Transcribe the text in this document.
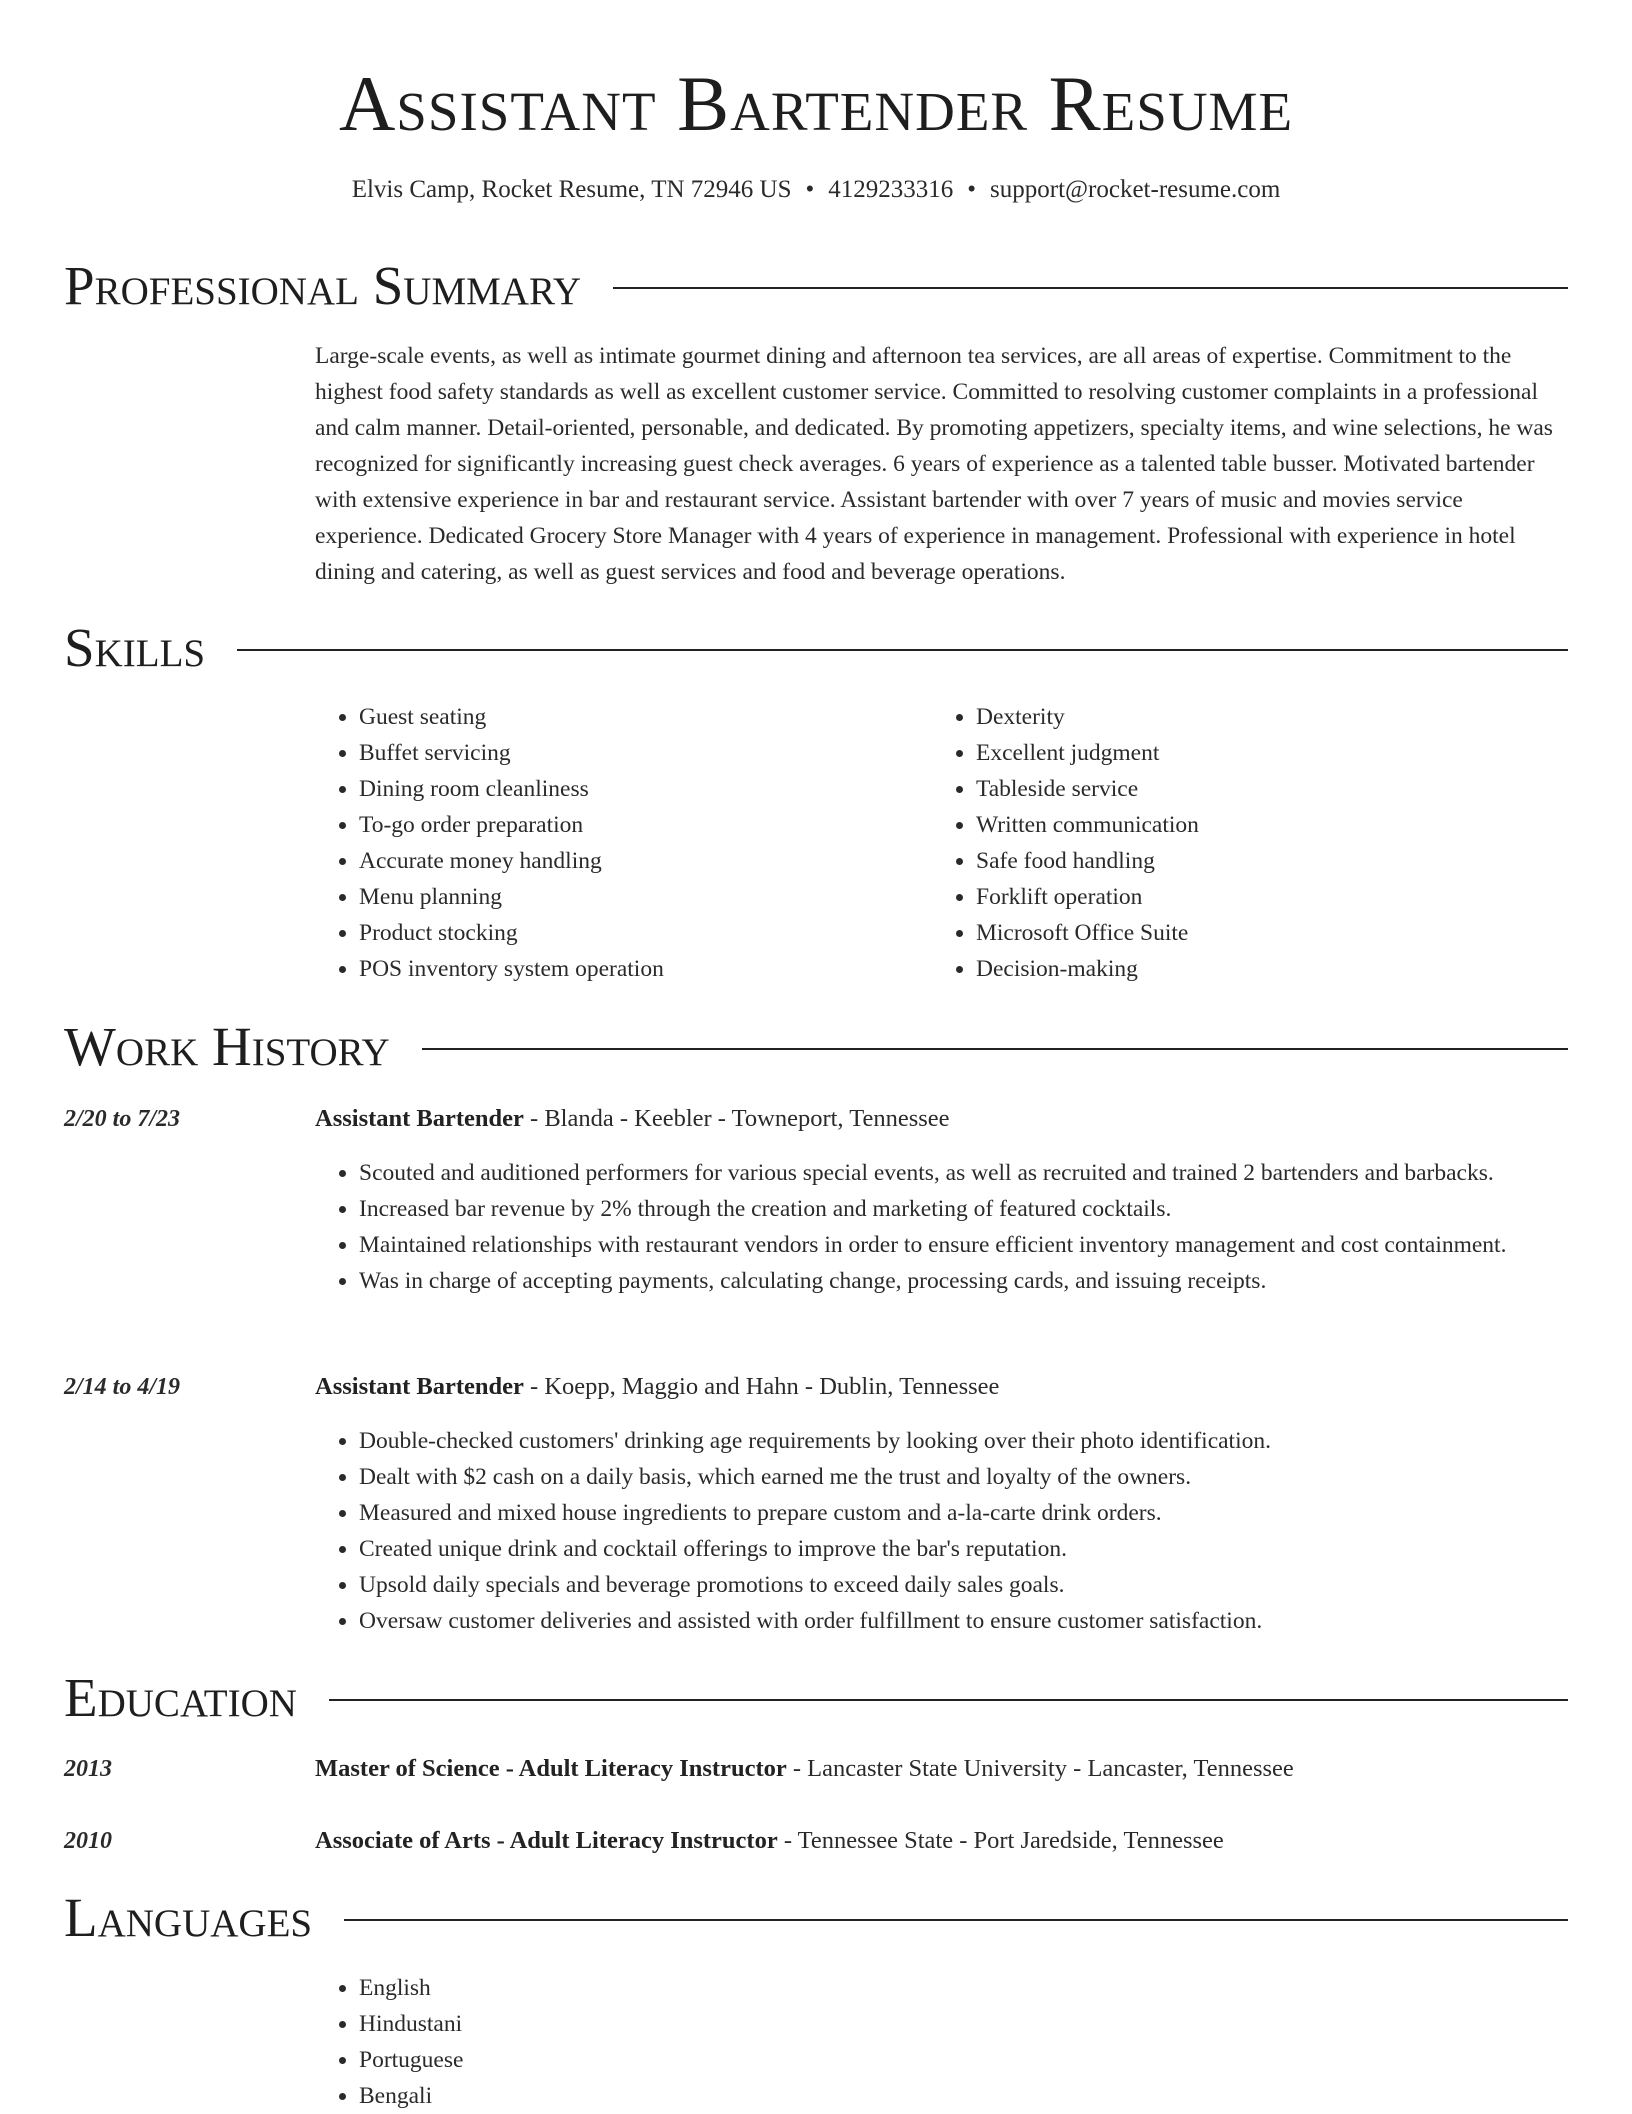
Assistant Bartender Resume
Elvis Camp, Rocket Resume, TN 72946 US • 4129233316 • support@rocket-resume.com
Professional Summary
Large-scale events, as well as intimate gourmet dining and afternoon tea services, are all areas of expertise. Commitment to the highest food safety standards as well as excellent customer service. Committed to resolving customer complaints in a professional and calm manner. Detail-oriented, personable, and dedicated. By promoting appetizers, specialty items, and wine selections, he was recognized for significantly increasing guest check averages. 6 years of experience as a talented table busser. Motivated bartender with extensive experience in bar and restaurant service. Assistant bartender with over 7 years of music and movies service experience. Dedicated Grocery Store Manager with 4 years of experience in management. Professional with experience in hotel dining and catering, as well as guest services and food and beverage operations.
Skills
• Guest seating
• Buffet servicing
• Dining room cleanliness
• To-go order preparation
• Accurate money handling
• Menu planning
• Product stocking
• POS inventory system operation
• Dexterity
• Excellent judgment
• Tableside service
• Written communication
• Safe food handling
• Forklift operation
• Microsoft Office Suite
• Decision-making
Work History
2/20 to 7/23	Assistant Bartender - Blanda - Keebler - Towneport, Tennessee
• Scouted and auditioned performers for various special events, as well as recruited and trained 2 bartenders and barbacks.
• Increased bar revenue by 2% through the creation and marketing of featured cocktails.
• Maintained relationships with restaurant vendors in order to ensure efficient inventory management and cost containment.
• Was in charge of accepting payments, calculating change, processing cards, and issuing receipts.
2/14 to 4/19	Assistant Bartender - Koepp, Maggio and Hahn - Dublin, Tennessee
• Double-checked customers' drinking age requirements by looking over their photo identification.
• Dealt with $2 cash on a daily basis, which earned me the trust and loyalty of the owners.
• Measured and mixed house ingredients to prepare custom and a-la-carte drink orders.
• Created unique drink and cocktail offerings to improve the bar's reputation.
• Upsold daily specials and beverage promotions to exceed daily sales goals.
• Oversaw customer deliveries and assisted with order fulfillment to ensure customer satisfaction.
Education
2013	Master of Science - Adult Literacy Instructor - Lancaster State University - Lancaster, Tennessee
2010	Associate of Arts - Adult Literacy Instructor - Tennessee State - Port Jaredside, Tennessee
Languages
• English
• Hindustani
• Portuguese
• Bengali
